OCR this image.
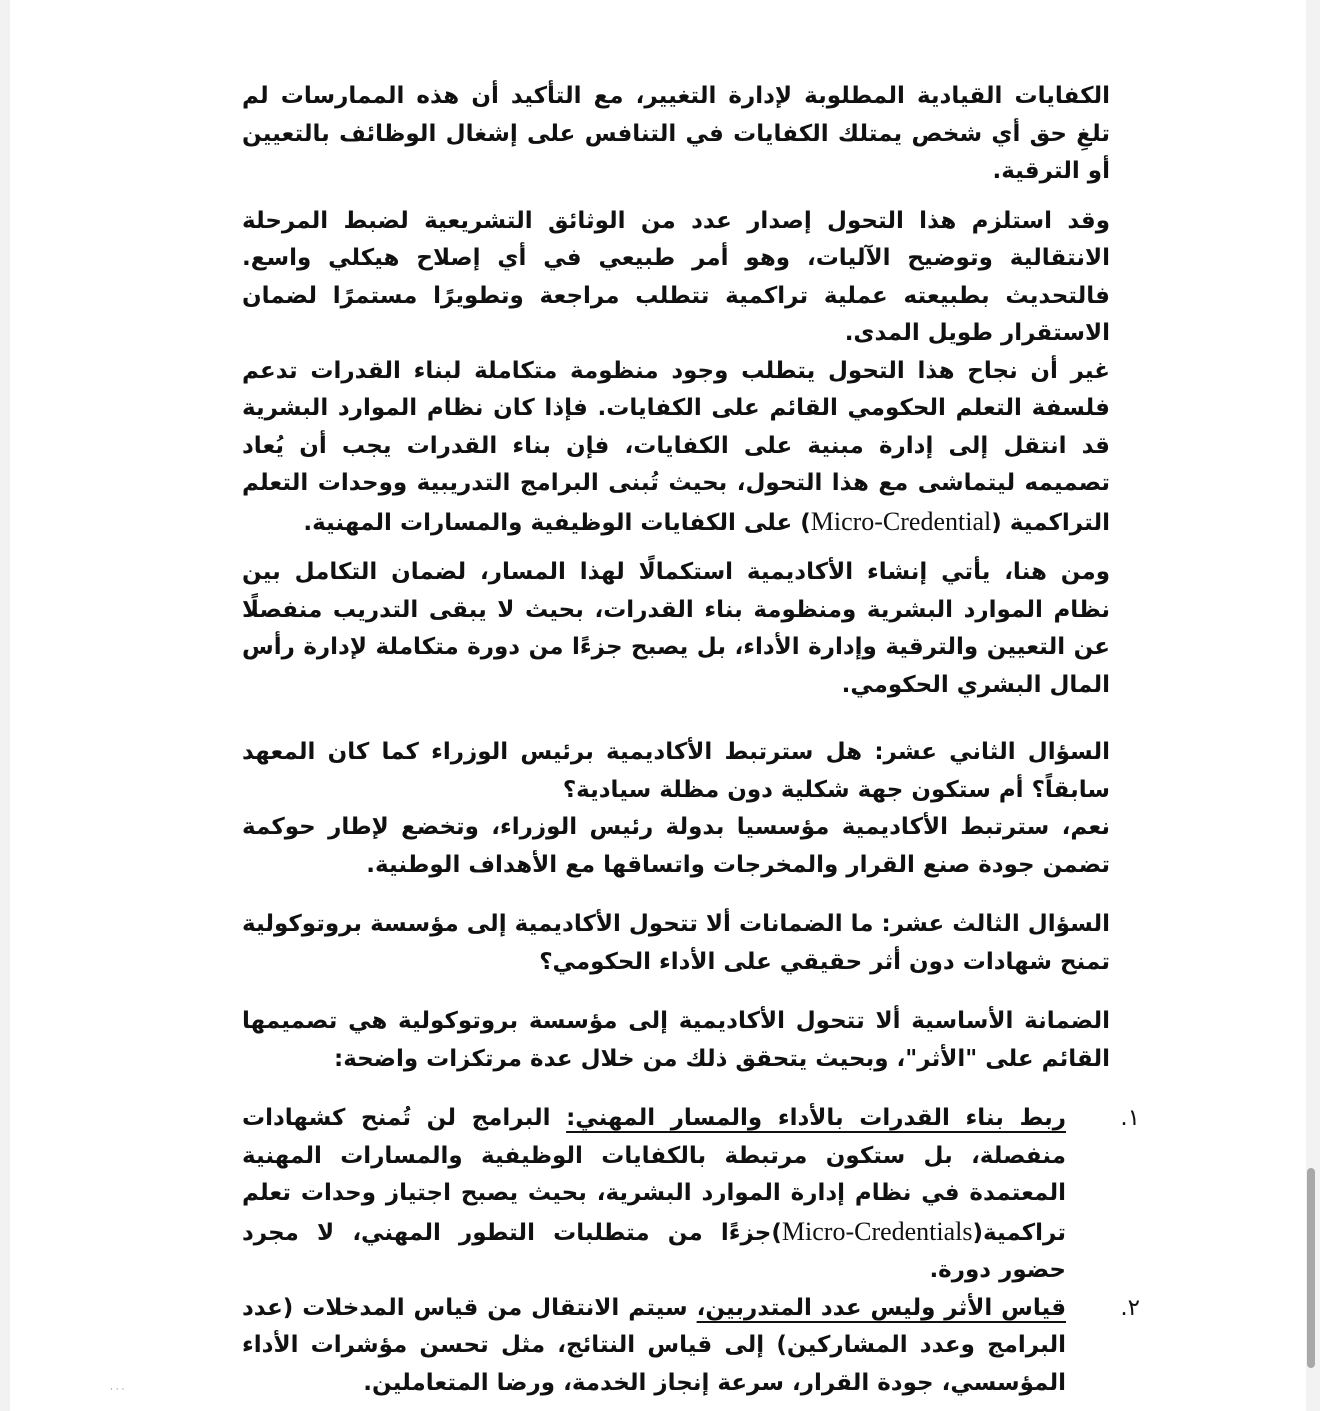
الكفايات القيادية المطلوبة لإدارة التغيير، مع التأكيد أن هذه الممارسات لم تلغِ حق أي شخص يمتلك الكفايات في التنافس على إشغال الوظائف بالتعيين أو الترقية.

وقد استلزم هذا التحول إصدار عدد من الوثائق التشريعية لضبط المرحلة الانتقالية وتوضيح الآليات، وهو أمر طبيعي في أي إصلاح هيكلي واسع. فالتحديث بطبيعته عملية تراكمية تتطلب مراجعة وتطويرًا مستمرًا لضمان الاستقرار طويل المدى.

غير أن نجاح هذا التحول يتطلب وجود منظومة متكاملة لبناء القدرات تدعم فلسفة التعلم الحكومي القائم على الكفايات. فإذا كان نظام الموارد البشرية قد انتقل إلى إدارة مبنية على الكفايات، فإن بناء القدرات يجب أن يُعاد تصميمه ليتماشى مع هذا التحول، بحيث تُبنى البرامج التدريبية ووحدات التعلم التراكمية (Micro-Credential) على الكفايات الوظيفية والمسارات المهنية.

ومن هنا، يأتي إنشاء الأكاديمية استكمالًا لهذا المسار، لضمان التكامل بين نظام الموارد البشرية ومنظومة بناء القدرات، بحيث لا يبقى التدريب منفصلًا عن التعيين والترقية وإدارة الأداء، بل يصبح جزءًا من دورة متكاملة لإدارة رأس المال البشري الحكومي.

السؤال الثاني عشر: هل سترتبط الأكاديمية برئيس الوزراء كما كان المعهد سابقاً؟ أم ستكون جهة شكلية دون مظلة سيادية؟

نعم، سترتبط الأكاديمية مؤسسيا بدولة رئيس الوزراء، وتخضع لإطار حوكمة تضمن جودة صنع القرار والمخرجات واتساقها مع الأهداف الوطنية.

السؤال الثالث عشر: ما الضمانات ألا تتحول الأكاديمية إلى مؤسسة بروتوكولية تمنح شهادات دون أثر حقيقي على الأداء الحكومي؟

الضمانة الأساسية ألا تتحول الأكاديمية إلى مؤسسة بروتوكولية هي تصميمها القائم على "الأثر"، وبحيث يتحقق ذلك من خلال عدة مرتكزات واضحة:

١.
ربط بناء القدرات بالأداء والمسار المهني: البرامج لن تُمنح كشهادات منفصلة، بل ستكون مرتبطة بالكفايات الوظيفية والمسارات المهنية المعتمدة في نظام إدارة الموارد البشرية، بحيث يصبح اجتياز وحدات تعلم تراكمية(Micro-Credentials)جزءًا من متطلبات التطور المهني، لا مجرد حضور دورة.
٢.
قياس الأثر وليس عدد المتدربين، سيتم الانتقال من قياس المدخلات (عدد البرامج وعدد المشاركين) إلى قياس النتائج، مثل تحسن مؤشرات الأداء المؤسسي، جودة القرار، سرعة إنجاز الخدمة، ورضا المتعاملين.
· · ·
